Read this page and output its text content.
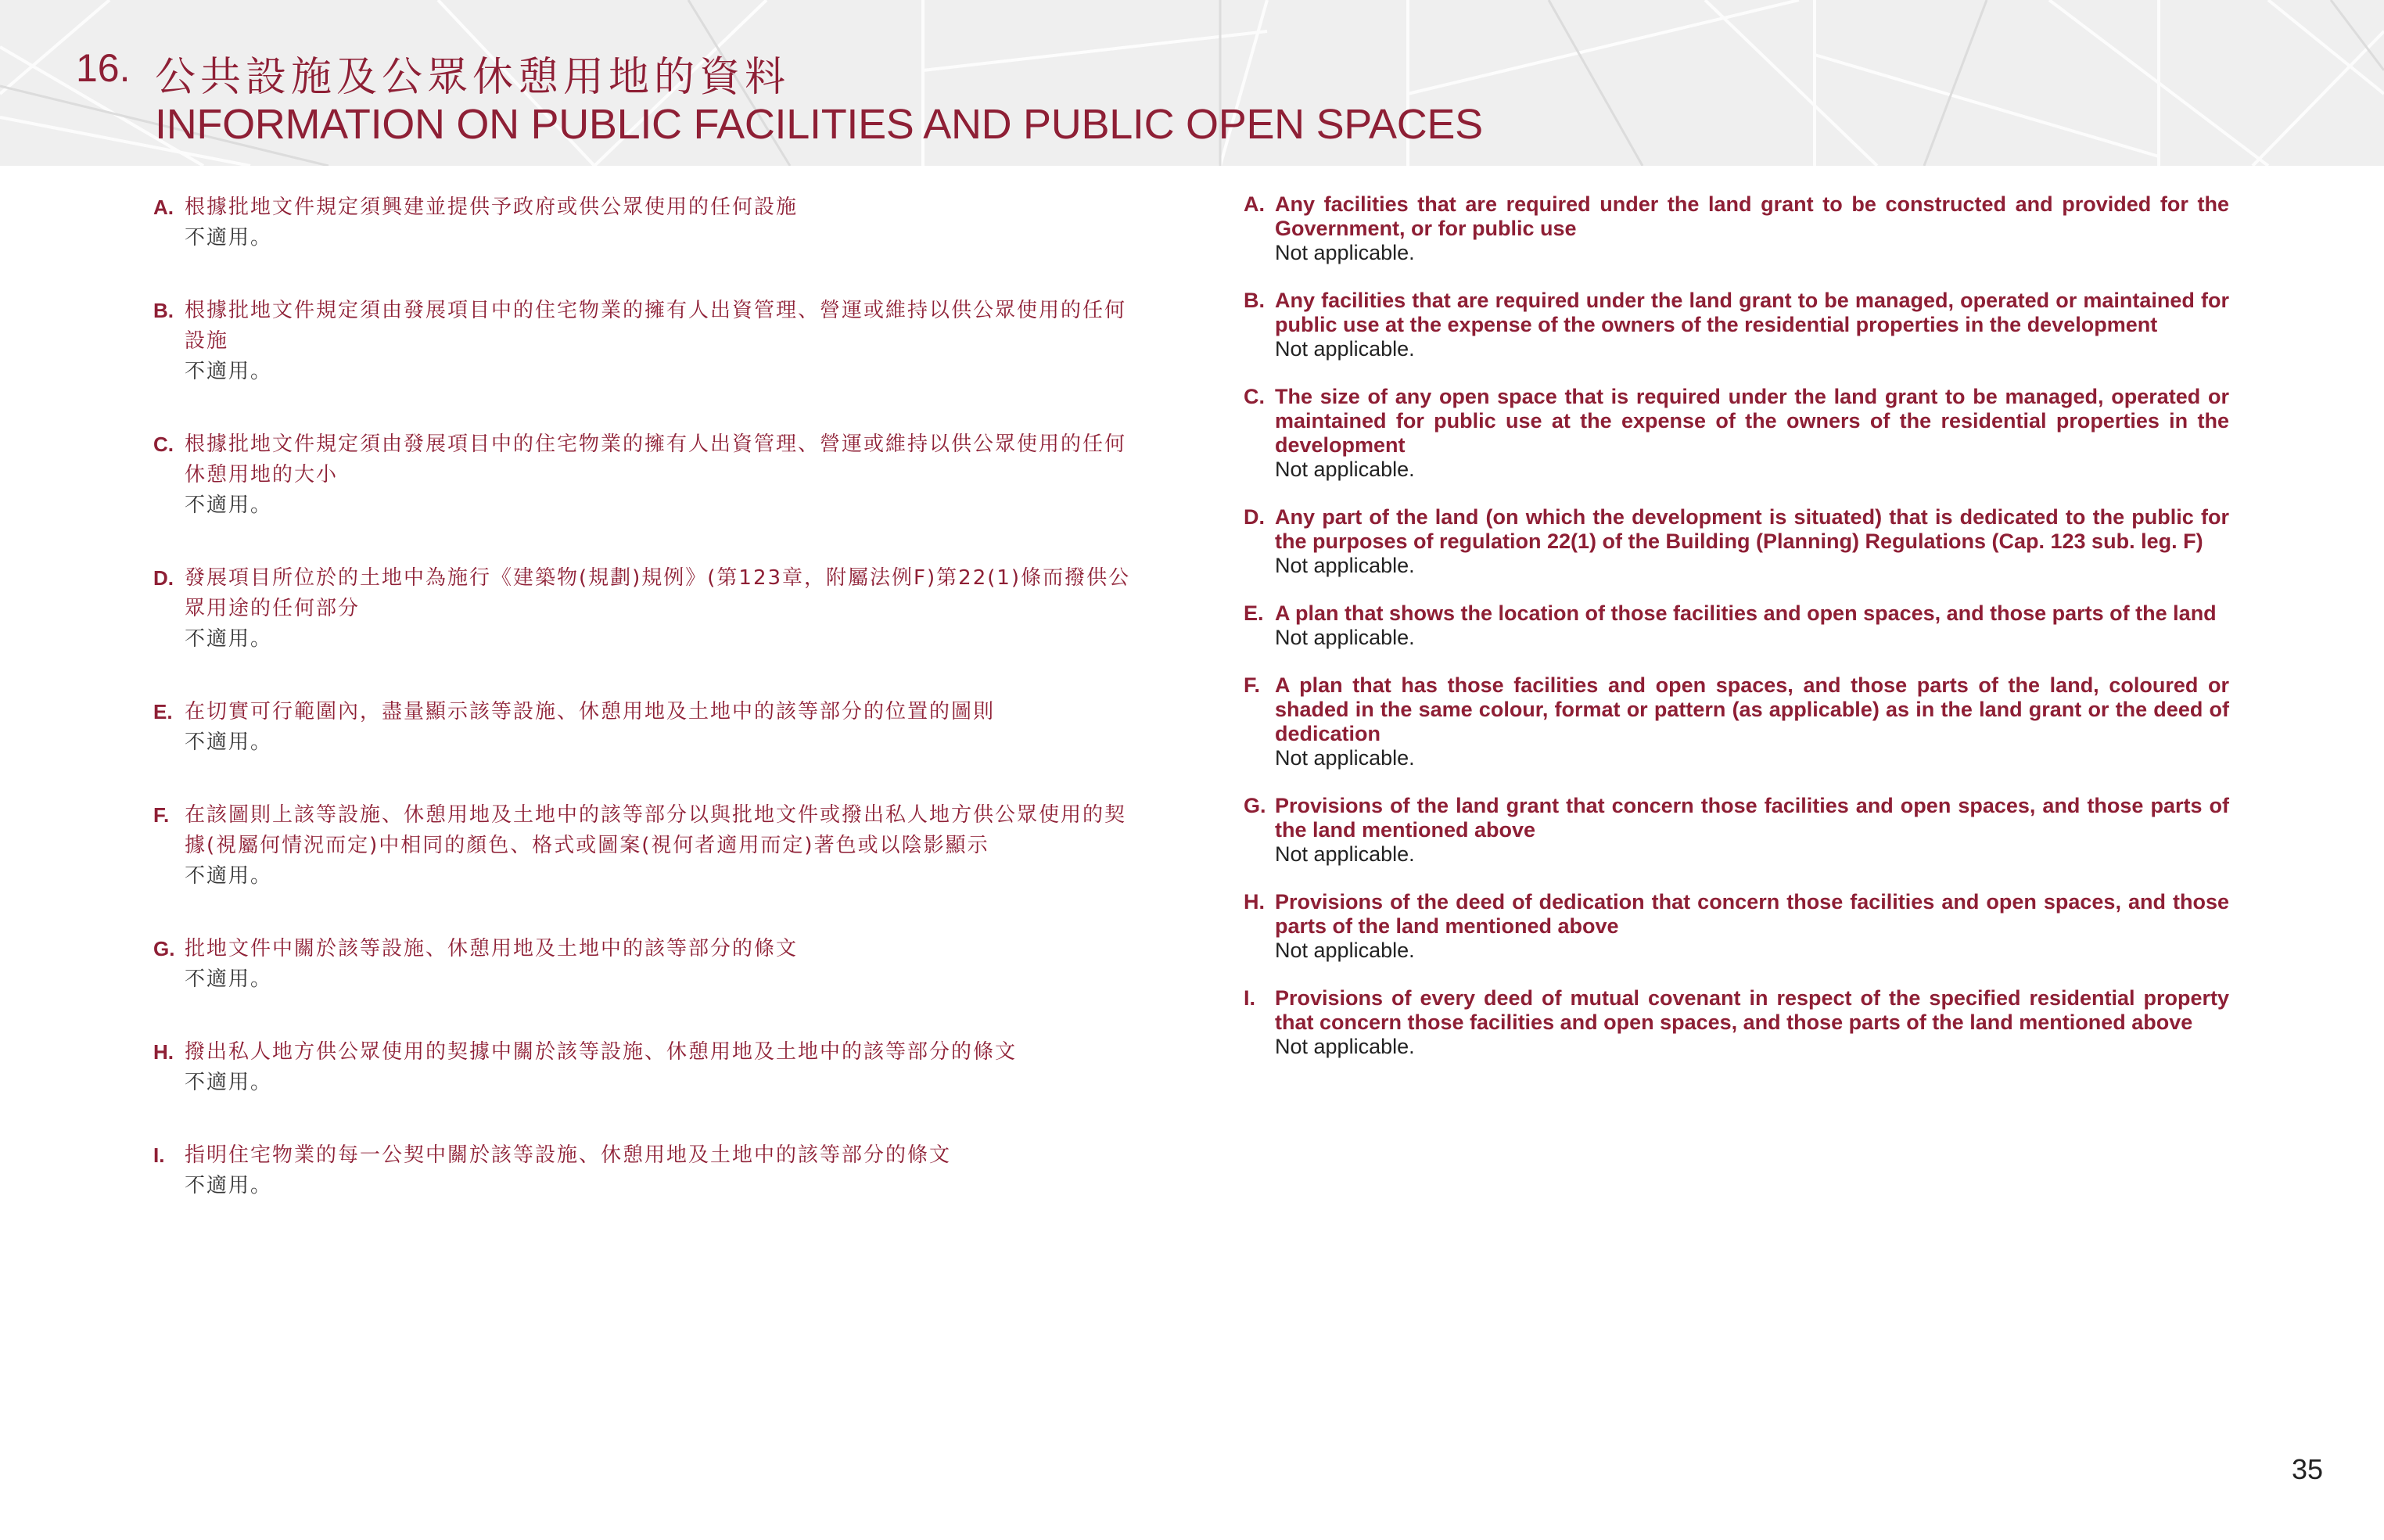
16. 公共設施及公眾休憩用地的資料
INFORMATION ON PUBLIC FACILITIES AND PUBLIC OPEN SPACES
A. 根據批地文件規定須興建並提供予政府或供公眾使用的任何設施
不適用。
B. 根據批地文件規定須由發展項目中的住宅物業的擁有人出資管理、營運或維持以供公眾使用的任何設施
不適用。
C. 根據批地文件規定須由發展項目中的住宅物業的擁有人出資管理、營運或維持以供公眾使用的任何休憩用地的大小
不適用。
D. 發展項目所位於的土地中為施行《建築物(規劃)規例》(第123章，附屬法例F)第22(1)條而撥供公眾用途的任何部分
不適用。
E. 在切實可行範圍內，盡量顯示該等設施、休憩用地及土地中的該等部分的位置的圖則
不適用。
F. 在該圖則上該等設施、休憩用地及土地中的該等部分以與批地文件或撥出私人地方供公眾使用的契據(視屬何情況而定)中相同的顏色、格式或圖案(視何者適用而定)著色或以陰影顯示
不適用。
G. 批地文件中關於該等設施、休憩用地及土地中的該等部分的條文
不適用。
H. 撥出私人地方供公眾使用的契據中關於該等設施、休憩用地及土地中的該等部分的條文
不適用。
I. 指明住宅物業的每一公契中關於該等設施、休憩用地及土地中的該等部分的條文
不適用。
A. Any facilities that are required under the land grant to be constructed and provided for the Government, or for public use
Not applicable.
B. Any facilities that are required under the land grant to be managed, operated or maintained for public use at the expense of the owners of the residential properties in the development
Not applicable.
C. The size of any open space that is required under the land grant to be managed, operated or maintained for public use at the expense of the owners of the residential properties in the development
Not applicable.
D. Any part of the land (on which the development is situated) that is dedicated to the public for the purposes of regulation 22(1) of the Building (Planning) Regulations (Cap. 123 sub. leg. F)
Not applicable.
E. A plan that shows the location of those facilities and open spaces, and those parts of the land
Not applicable.
F. A plan that has those facilities and open spaces, and those parts of the land, coloured or shaded in the same colour, format or pattern (as applicable) as in the land grant or the deed of dedication
Not applicable.
G. Provisions of the land grant that concern those facilities and open spaces, and those parts of the land mentioned above
Not applicable.
H. Provisions of the deed of dedication that concern those facilities and open spaces, and those parts of the land mentioned above
Not applicable.
I. Provisions of every deed of mutual covenant in respect of the specified residential property that concern those facilities and open spaces, and those parts of the land mentioned above
Not applicable.
35
